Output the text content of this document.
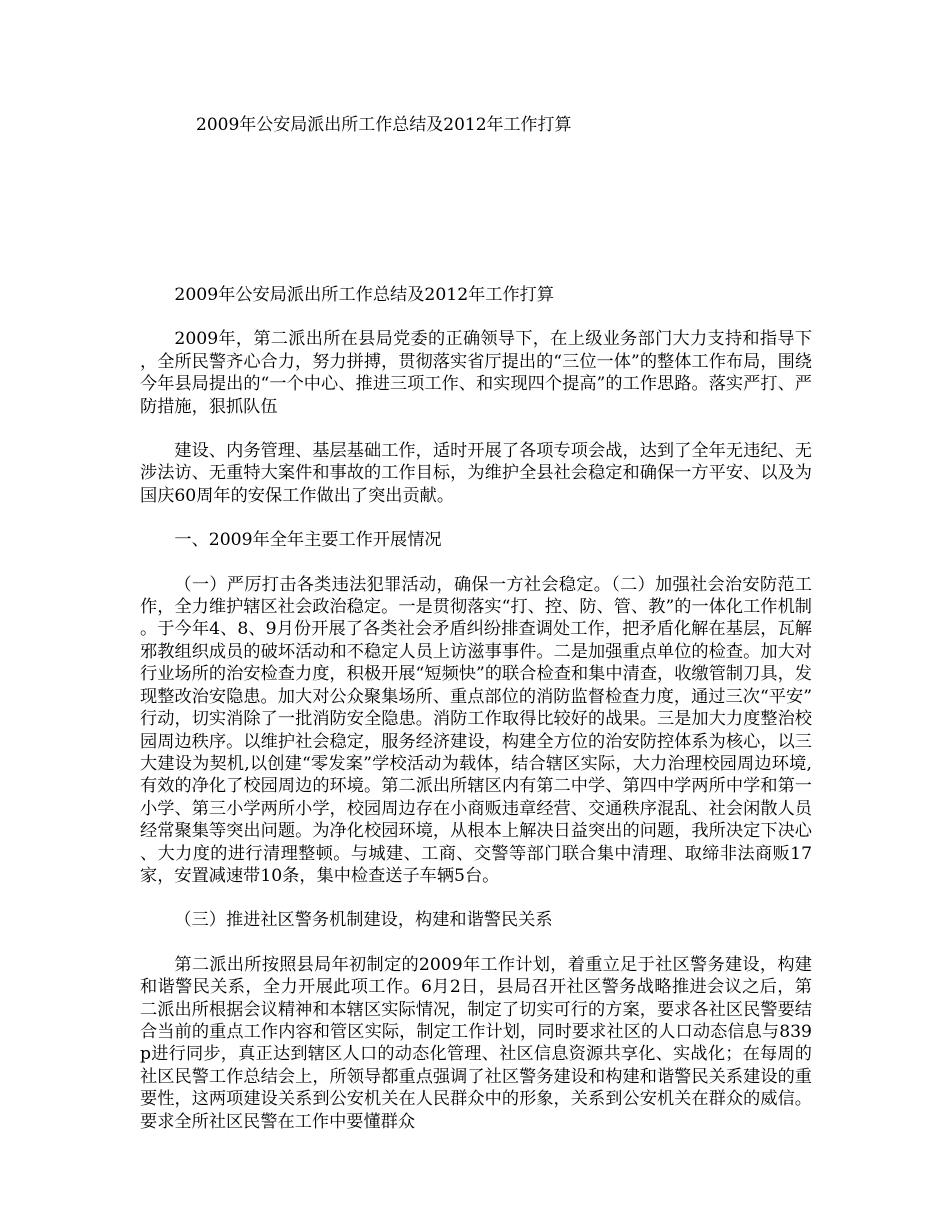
2009年公安局派出所工作总结及2012年工作打算

2009年公安局派出所工作总结及2012年工作打算

2009年，第二派出所在县局党委的正确领导下，在上级业务部门大力支持和指导下，全所民警齐心合力，努力拼搏，贯彻落实省厅提出的“三位一体”的整体工作布局，围绕今年县局提出的“一个中心、推进三项工作、和实现四个提高”的工作思路。落实严打、严防措施，狠抓队伍

建设、内务管理、基层基础工作，适时开展了各项专项会战，达到了全年无违纪、无涉法访、无重特大案件和事故的工作目标，为维护全县社会稳定和确保一方平安、以及为国庆60周年的安保工作做出了突出贡献。

一、2009年全年主要工作开展情况

（一）严厉打击各类违法犯罪活动，确保一方社会稳定。（二）加强社会治安防范工作，全力维护辖区社会政治稳定。一是贯彻落实“打、控、防、管、教”的一体化工作机制。于今年4、8、9月份开展了各类社会矛盾纠纷排查调处工作，把矛盾化解在基层，瓦解邪教组织成员的破坏活动和不稳定人员上访滋事事件。二是加强重点单位的检查。加大对行业场所的治安检查力度，积极开展“短频快”的联合检查和集中清查，收缴管制刀具，发现整改治安隐患。加大对公众聚集场所、重点部位的消防监督检查力度，通过三次“平安”行动，切实消除了一批消防安全隐患。消防工作取得比较好的战果。三是加大力度整治校园周边秩序。以维护社会稳定，服务经济建设，构建全方位的治安防控体系为核心，以三大建设为契机,以创建“零发案”学校活动为载体，结合辖区实际，大力治理校园周边环境,有效的净化了校园周边的环境。第二派出所辖区内有第二中学、第四中学两所中学和第一小学、第三小学两所小学，校园周边存在小商贩违章经营、交通秩序混乱、社会闲散人员经常聚集等突出问题。为净化校园环境，从根本上解决日益突出的问题，我所决定下决心、大力度的进行清理整顿。与城建、工商、交警等部门联合集中清理、取缔非法商贩17家，安置减速带10条，集中检查送子车辆5台。

（三）推进社区警务机制建设，构建和谐警民关系

第二派出所按照县局年初制定的2009年工作计划，着重立足于社区警务建设，构建和谐警民关系，全力开展此项工作。6月2日，县局召开社区警务战略推进会议之后，第二派出所根据会议精神和本辖区实际情况，制定了切实可行的方案，要求各社区民警要结合当前的重点工作内容和管区实际，制定工作计划，同时要求社区的人口动态信息与839p进行同步，真正达到辖区人口的动态化管理、社区信息资源共享化、实战化；在每周的社区民警工作总结会上，所领导都重点强调了社区警务建设和构建和谐警民关系建设的重要性，这两项建设关系到公安机关在人民群众中的形象，关系到公安机关在群众的威信。要求全所社区民警在工作中要懂群众
